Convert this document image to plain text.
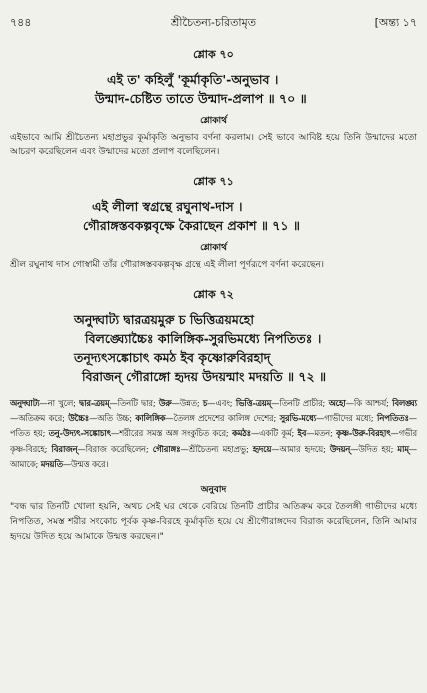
৭৪৪	শ্রীচৈতন্য-চরিতামৃত	[অন্ত্য ১৭
শ্লোক ৭০
এই ত' কহিলুঁ 'কূর্মাকৃতি'-অনুভাব ।
উন্মাদ-চেষ্টিত তাতে উন্মাদ-প্রলাপ ॥ ৭০ ॥
শ্লোকার্থ

এইভাবে আমি শ্রীচৈতন্য মহাপ্রভুর কূর্মাকৃতি অনুভাব বর্ণনা করলাম। সেই ভাবে আবিষ্ট হয়ে তিনি উন্মাদের মতো আচরণ করেছিলেন এবং উন্মাদের মতো প্রলাপ বলেছিলেন।

শ্লোক ৭১
এই লীলা স্বগ্রন্থে রঘুনাথ-দাস ।
গৌরাঙ্গস্তবকল্পবৃক্ষে কৈরাছেন প্রকাশ ॥ ৭১ ॥
শ্লোকার্থ

শ্রীল রঘুনাথ দাস গোস্বামী তাঁর গৌরাঙ্গস্তবকল্পবৃক্ষ গ্রন্থে এই লীলা পূর্ণরূপে বর্ণনা করেছেন।

শ্লোক ৭২
অনুদ্ঘাট্য দ্বারত্রয়মুরু চ ভিত্তিত্রয়মহো
বিলঙ্ঘ্যোচ্চৈঃ কালিঙ্গিক-সুরভিমধ্যে নিপতিতঃ ।
তনূদ্যৎসঙ্কোচাৎ কমঠ ইব কৃষ্ণোরুবিরহাদ্
বিরাজন্ গৌরাঙ্গো হৃদয় উদয়ন্মাং মদয়তি ॥ ৭২ ॥
অনুদ্ঘাট্য—না খুলে; দ্বার-ত্রয়ম্—তিনটি দ্বার; উরু—উন্নত; চ—এবং; ভিত্তি-ত্রয়ম্—তিনটি প্রাচীর; অহো—কি আশ্চর্য; বিলঙ্ঘ্য—অতিক্রম করে; উচ্চৈঃ—অতি উচ্চ; কালিঙ্গিক—তৈলঙ্গ প্রদেশের কালিঙ্গ দেশের; সুরভি-মধ্যে—গাভীদের মধ্যে; নিপতিতঃ—পতিত হয়; তনু-উদ্যৎ-সঙ্কোচাৎ—শরীরের সমস্ত অঙ্গ সংকুচিত করে; কমঠঃ—একটি কূর্ম; ইব—মতন; কৃষ্ণ-উরু-বিরহাৎ—গভীর কৃষ্ণ-বিরহে; বিরাজন্—বিরাজ করেছিলেন; গৌরাঙ্গঃ—শ্রীচৈতন্য মহাপ্রভু; হৃদয়ে—আমার হৃদয়ে; উদয়ন্—উদিত হয়; মাম্—আমাকে; মদয়তি—উন্মত্ত করে।
অনুবাদ

"বন্ধ দ্বার তিনটি খোলা হয়নি, অথচ সেই ঘর থেকে বেরিয়ে তিনটি প্রাচীর অতিক্রম করে তৈলঙ্গী গাভীদের মধ্যে নিপতিত, সমস্ত শরীর সংকোচ পূর্বক কৃষ্ণ-বিরহে কূর্মাকৃতি হয়ে যে শ্রীগৌরাঙ্গদেব বিরাজ করেছিলেন, তিনি আমার হৃদয়ে উদিত হয়ে আমাকে উন্মত্ত করছেন।"
